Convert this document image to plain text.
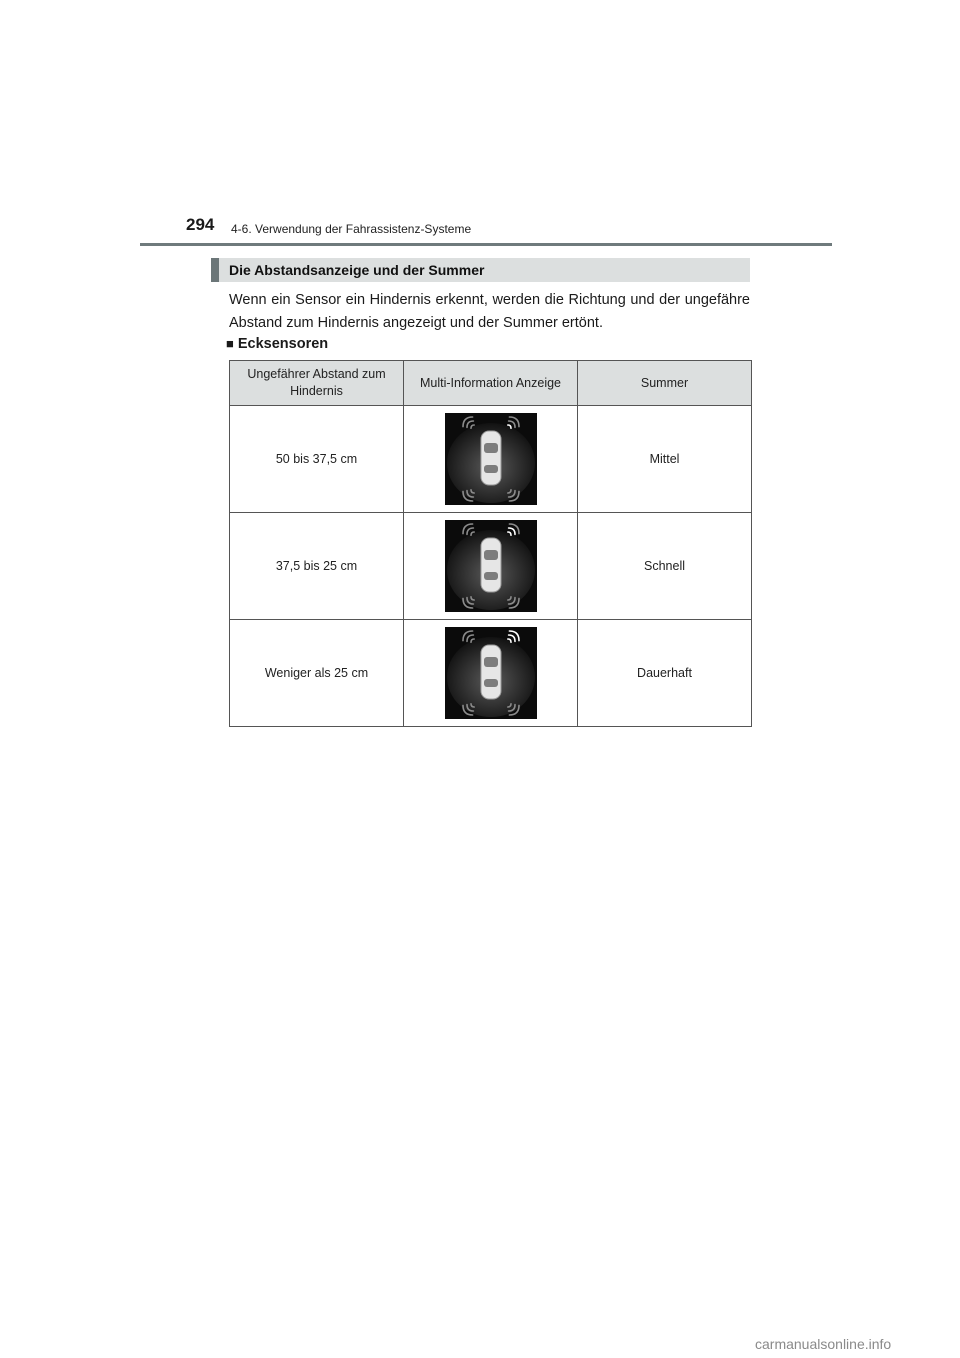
294 4-6. Verwendung der Fahrassistenz-Systeme
Die Abstandsanzeige und der Summer

Wenn ein Sensor ein Hindernis erkennt, werden die Richtung und der ungefähre Abstand zum Hindernis angezeigt und der Summer ertönt.

■ Ecksensoren
Ungefährer Abstand zum Hindernis	Multi-Information Anzeige	Summer
50 bis 37,5 cm		Mittel
37,5 bis 25 cm		Schnell
Weniger als 25 cm		Dauerhaft
carmanualsonline.info
